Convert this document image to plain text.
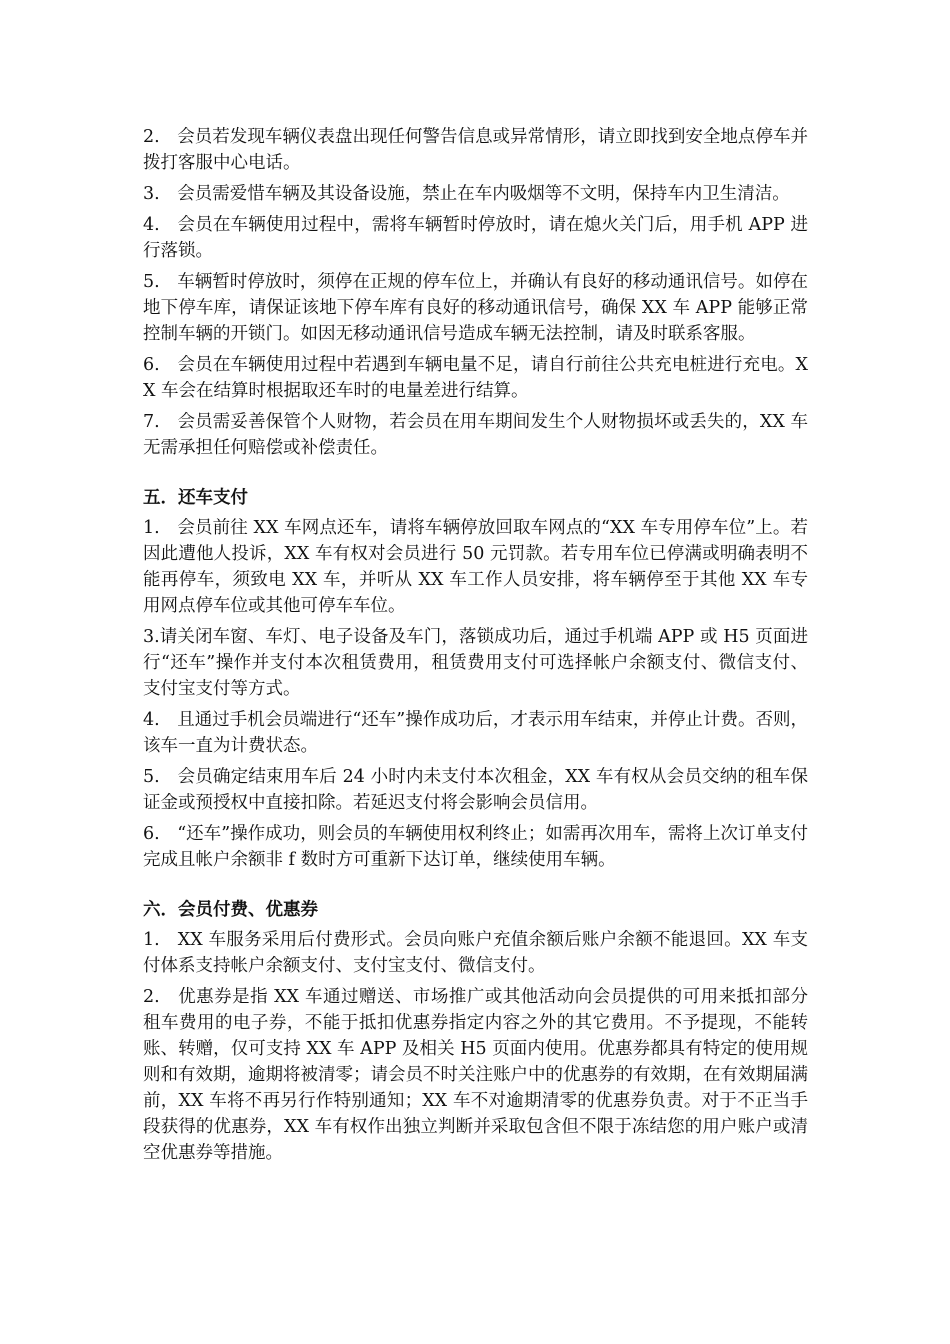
2.　会员若发现车辆仪表盘出现任何警告信息或异常情形，请立即找到安全地点停车并拨打客服中心电话。

3.　会员需爱惜车辆及其设备设施，禁止在车内吸烟等不文明，保持车内卫生清洁。

4.　会员在车辆使用过程中，需将车辆暂时停放时，请在熄火关门后，用手机 APP 进行落锁。

5.　车辆暂时停放时，须停在正规的停车位上，并确认有良好的移动通讯信号。如停在地下停车库，请保证该地下停车库有良好的移动通讯信号，确保 XX 车 APP 能够正常控制车辆的开锁门。如因无移动通讯信号造成车辆无法控制，请及时联系客服。

6.　会员在车辆使用过程中若遇到车辆电量不足，请自行前往公共充电桩进行充电。XX 车会在结算时根据取还车时的电量差进行结算。

7.　会员需妥善保管个人财物，若会员在用车期间发生个人财物损坏或丢失的，XX 车无需承担任何赔偿或补偿责任。

五．还车支付

1.　会员前往 XX 车网点还车，请将车辆停放回取车网点的“XX 车专用停车位”上。若因此遭他人投诉，XX 车有权对会员进行 50 元罚款。若专用车位已停满或明确表明不能再停车，须致电 XX 车，并听从 XX 车工作人员安排，将车辆停至于其他 XX 车专用网点停车位或其他可停车车位。

3.请关闭车窗、车灯、电子设备及车门，落锁成功后，通过手机端 APP 或 H5 页面进行“还车”操作并支付本次租赁费用，租赁费用支付可选择帐户余额支付、微信支付、支付宝支付等方式。

4.　且通过手机会员端进行“还车”操作成功后，才表示用车结束，并停止计费。否则，该车一直为计费状态。

5.　会员确定结束用车后 24 小时内未支付本次租金，XX 车有权从会员交纳的租车保证金或预授权中直接扣除。若延迟支付将会影响会员信用。

6.　“还车”操作成功，则会员的车辆使用权利终止；如需再次用车，需将上次订单支付完成且帐户余额非 f 数时方可重新下达订单，继续使用车辆。

六．会员付费、优惠券

1.　XX 车服务采用后付费形式。会员向账户充值余额后账户余额不能退回。XX 车支付体系支持帐户余额支付、支付宝支付、微信支付。

2.　优惠券是指 XX 车通过赠送、市场推广或其他活动向会员提供的可用来抵扣部分租车费用的电子券，不能于抵扣优惠券指定内容之外的其它费用。不予提现，不能转账、转赠，仅可支持 XX 车 APP 及相关 H5 页面内使用。优惠券都具有特定的使用规则和有效期，逾期将被清零；请会员不时关注账户中的优惠券的有效期，在有效期届满前，XX 车将不再另行作特别通知；XX 车不对逾期清零的优惠券负责。对于不正当手段获得的优惠券，XX 车有权作出独立判断并采取包含但不限于冻结您的用户账户或清空优惠券等措施。
